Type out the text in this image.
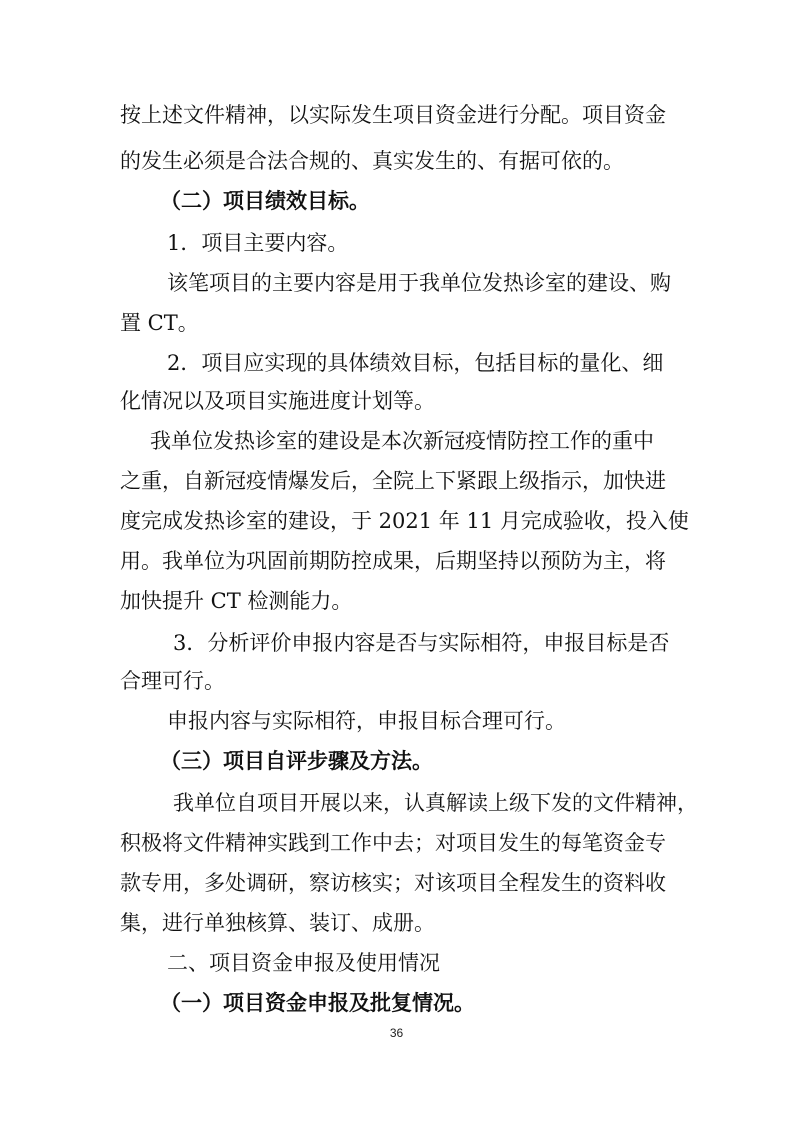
按上述文件精神，以实际发生项目资金进行分配。项目资金
的发生必须是合法合规的、真实发生的、有据可依的。
（二）项目绩效目标。
1．项目主要内容。
该笔项目的主要内容是用于我单位发热诊室的建设、购
置 CT。
2．项目应实现的具体绩效目标，包括目标的量化、细
化情况以及项目实施进度计划等。
我单位发热诊室的建设是本次新冠疫情防控工作的重中
之重，自新冠疫情爆发后，全院上下紧跟上级指示，加快进
度完成发热诊室的建设，于 2021 年 11 月完成验收，投入使
用。我单位为巩固前期防控成果，后期坚持以预防为主，将
加快提升 CT 检测能力。
3．分析评价申报内容是否与实际相符，申报目标是否
合理可行。
申报内容与实际相符，申报目标合理可行。
（三）项目自评步骤及方法。
我单位自项目开展以来，认真解读上级下发的文件精神，
积极将文件精神实践到工作中去；对项目发生的每笔资金专
款专用，多处调研，察访核实；对该项目全程发生的资料收
集，进行单独核算、装订、成册。
二、项目资金申报及使用情况
（一）项目资金申报及批复情况。
36
